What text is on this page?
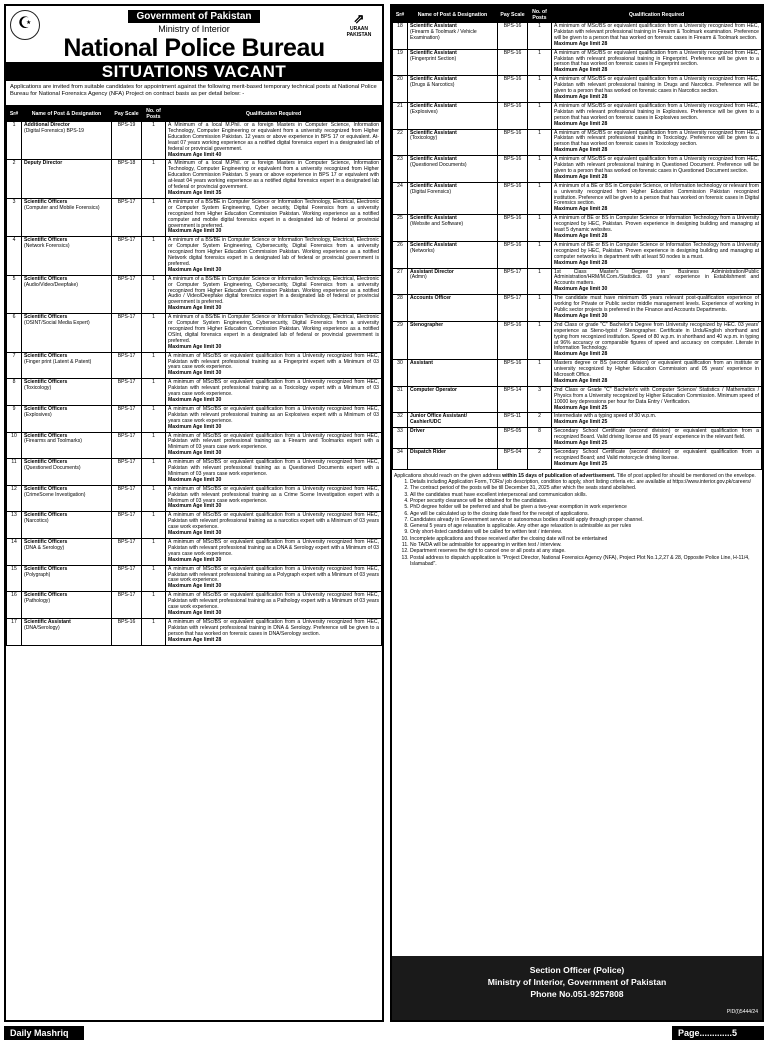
☪	⇗
URAAN PAKISTAN
Government of Pakistan
Ministry of Interior
National Police Bureau
SITUATIONS VACANT
Applications are invited from suitable candidates for appointment against the following merit-based temporary technical posts at National Police Bureau for National Forensics Agency (NFA) Project on contract basis as per detail below: -
Sr#	Name of Post & Designation	Pay Scale	No. of Posts	Qualification Required
1	Additional Director
(Digital Forensics) BPS-19	BPS-19	1	A Minimum of a local M.Phil. or a foreign Masters in Computer Science, Information Technology, Computer Engineering or equivalent from a university recognized from Higher Education Commission Pakistan. 12 years or above experience in BPS 17 or equivalent. At-least 07 years working experience as a notified digital forensics expert in a designated lab of federal or provincial government.
Maximum Age limit 40
2	Deputy Director	BPS-18	1	A Minimum of a local M.Phil. or a foreign Masters in Computer Science, Information Technology, Computer Engineering or equivalent from a university recognized from Higher Education Commission Pakistan. 5 years or above experience in BPS 17 or equivalent with at-least 04 years working experience as a notified digital forensics expert in a designated lab of federal or provincial government.
Maximum Age limit 35
3	Scientific Officers
(Computer and Mobile Forensics)	BPS-17	1	A minimum of a BS/BE in Computer Science or Information Technology, Electrical, Electronic or Computer System Engineering, Cyber security, Digital Forensics from a university recognized from Higher Education Commission Pakistan. Working experience as a notified computer and mobile digital forensics expert in a designated lab of federal or provincial government is preferred.
Maximum Age limit 30
4	Scientific Officers
(Network Forensics)	BPS-17	1	A minimum of a BS/BE in Computer Science or Information Technology, Electrical, Electronic or Computer System Engineering, Cybersecurity, Digital Forensics from a university recognized from Higher Education Commission Pakistan. Working experience as a notified Network digital forensics expert in a designated lab of federal or provincial government is preferred.
Maximum Age limit 30
5	Scientific Officers
(Audio/Video/Deepfake)	BPS-17	1	A minimum of a BS/BE in Computer Science or Information Technology, Electrical, Electronic or Computer System Engineering, Cybersecurity, Digital Forensics from a university recognized from Higher Education Commission Pakistan. Working experience as a notified Audio / Video/Deepfake digital forensics expert in a designated lab of federal or provincial government is preferred.
Maximum Age limit 30
6	Scientific Officers
(OSINT/Social Media Expert)	BPS-17	1	A minimum of a BS/BE in Computer Science or Information Technology, Electrical, Electronic or Computer System Engineering, Cybersecurity, Digital Forensics from a university recognized from Higher Education Commission Pakistan. Working experience as a notified OSInt, digital forensics expert in a designated lab of federal or provincial government is preferred.
Maximum Age limit 30
7	Scientific Officers
(Finger print (Latent & Patent)	BPS-17	1	A minimum of MSc/BS or equivalent qualification from a University recognized from HEC, Pakistan with relevant professional training as a Fingerprint expert with a Minimum of 03 years case work experience.
Maximum Age limit 30
8	Scientific Officers
(Toxicology)	BPS-17	1	A minimum of MSc/BS or equivalent qualification from a University recognized from HEC, Pakistan with relevant professional training as a Toxicology expert with a Minimum of 03 years case work experience.
Maximum Age limit 30
9	Scientific Officers
(Explosives)	BPS-17	1	A minimum of MSc/BS or equivalent qualification from a University recognized from HEC, Pakistan with relevant professional training as an Explosives expert with a Minimum of 03 years case work experience.
Maximum Age limit 30
10	Scientific Officers
(Firearms and Toolmarks)	BPS-17	1	A minimum of MSc/BS or equivalent qualification from a University recognized from HEC, Pakistan with relevant professional training as a Firearm and Toolmarks expert with a Minimum of 03 years case work experience.
Maximum Age limit 30
11	Scientific Officers
(Questioned Documents)	BPS-17	1	A minimum of MSc/BS or equivalent qualification from a University recognized from HEC, Pakistan with relevant professional training as a Questioned Documents expert with a Minimum of 03 years case work experience.
Maximum Age limit 30
12	Scientific Officers
(CrimeScene Investigation)	BPS-17	1	A minimum of MSc/BS or equivalent qualification from a University recognized from HEC, Pakistan with relevant professional training as a Crime Scene Investigation expert with a Minimum of 03 years case work experience.
Maximum Age limit 30
13	Scientific Officers
(Narcotics)	BPS-17	1	A minimum of MSc/BS or equivalent qualification from a University recognized from HEC, Pakistan with relevant professional training as a narcotics expert with a Minimum of 03 years case work experience.
Maximum Age limit 30
14	Scientific Officers
(DNA & Serology)	BPS-17	1	A minimum of MSc/BS or equivalent qualification from a University recognized from HEC, Pakistan with relevant professional training as a DNA & Serology expert with a Minimum of 03 years case work experience.
Maximum Age limit 30
15	Scientific Officers
(Polygraph)	BPS-17	1	A minimum of MSc/BS or equivalent qualification from a University recognized from HEC, Pakistan with relevant professional training as a Polygraph expert with a Minimum of 03 years case work experience.
Maximum Age limit 30
16	Scientific Officers
(Pathology)	BPS-17	1	A minimum of MSc/BS or equivalent qualification from a University recognized from HEC, Pakistan with relevant professional training as a Pathology expert with a Minimum of 03 years case work experience.
Maximum Age limit 30
17	Scientific Assistant
(DNA/Serology)	BPS-16	1	A minimum of MSc/BS or equivalent qualification from a University recognized from HEC, Pakistan with relevant professional training in DNA & Serology. Preference will be given to a person that has worked on forensic cases in DNA/Serology section.
Maximum Age limit 28
Sr#	Name of Post & Designation	Pay Scale	No. of Posts	Qualification Required
18	Scientific Assistant
(Firearm & Toolmark / Vehicle Examination)	BPS-16	1	A minimum of MSc/BS or equivalent qualification from a University recognized from HEC, Pakistan with relevant professional training in Firearm & Toolmark examination. Preference will be given to a person that has worked on forensic cases in Firearm & Toolmark section.
Maximum Age limit 28
19	Scientific Assistant
(Fingerprint Section)	BPS-16	1	A minimum of MSc/BS or equivalent qualification from a University recognized from HEC, Pakistan with relevant professional training in Fingerprint. Preference will be given to a person that has worked on forensic cases in Fingerprint section.
Maximum Age limit 28
20	Scientific Assistant
(Drugs & Narcotics)	BPS-16	1	A minimum of MSc/BS or equivalent qualification from a University recognized from HEC, Pakistan with relevant professional training in Drugs and Narcotics. Preference will be given to a person that has worked on forensic cases in Narcotics section.
Maximum Age limit 28
21	Scientific Assistant
(Explosives)	BPS-16	1	A minimum of MSc/BS or equivalent qualification from a University recognized from HEC, Pakistan with relevant professional training in Explosives. Preference will be given to a person that has worked on forensic cases in Explosives section.
Maximum Age limit 28
22	Scientific Assistant
(Toxicology)	BPS-16	1	A minimum of MSc/BS or equivalent qualification from a University recognized from HEC, Pakistan with relevant professional training in Toxicology. Preference will be given to a person that has worked on forensic cases in Toxicology section.
Maximum Age limit 28
23	Scientific Assistant
(Questioned Documents)	BPS-16	1	A minimum of MSc/BS or equivalent qualification from a University recognized from HEC, Pakistan with relevant professional training in Questioned Document. Preference will be given to a person that has worked on forensic cases in Questioned Document section.
Maximum Age limit 28
24	Scientific Assistant
(Digital Forensics)	BPS-16	1	A minimum of a BE or BS in Computer Science, or Information technology or relevant from a university recognized from Higher Education Commission Pakistan recognized institution. Preference will be given to a person that has worked on forensic cases in Digital Forensics section.
Maximum Age limit 28
25	Scientific Assistant
(Website and Software)	BPS-16	1	A minimum of BE or BS in Computer Science or Information Technology from a University recognized by HEC, Pakistan. Proven experience in designing building and managing at least 5 dynamic websites.
Maximum Age limit 28
26	Scientific Assistant
(Networks)	BPS-16	1	A minimum of BE or BS in Computer Science or Information Technology from a University recognized by HEC, Pakistan. Proven experience in designing building and managing at computer networks in department with at least 50 nodes is a must.
Maximum Age limit 28
27	Assistant Director
(Admn)	BPS-17	1	1st Class Master's Degree in Business Administration/Public Administration/HRM/M.Com./Statistics. 03 years' experience in Establishment and Accounts matters.
Maximum Age limit 30
28	Accounts Officer	BPS-17	1	The candidate must have minimum 05 years relevant post-qualification experience of working for Private or Public sector middle management levels. Experience of working in Public sector projects is preferred in the Finance and Accounts Departments.
Maximum Age limit 30
29	Stenographer	BPS-16	1	2nd Class or grade "C" Bachelor's Degree from University recognized by HEC. 03 years' experience as Steno-typist / Stenographer. Certificate in Urdu/English shorthand and typing from recognized institution. Speed of 80 w.p.m. in shorthand and 40 w.p.m. in typing at 96% accuracy or comparable figures of speed and accuracy on computer. Literate in Information Technology.
Maximum Age limit 28
30	Assistant	BPS-16	1	Masters degree or BS (second division) or equivalent qualification from an institute or university recognized by Higher Education Commission and 05 years' experience in Microsoft Office.
Maximum Age limit 28
31	Computer Operator	BPS-14	3	2nd Class or Grade "C" Bachelor's with Computer Science/ Statistics / Mathematics / Physics from a University recognized by Higher Education Commission. Minimum speed of 10000 key depressions per hour for Data Entry / Verification.
Maximum Age limit 25
32	Junior Office Assistant/ Cashier/UDC	BPS-11	2	Intermediate with a typing speed of 30 w.p.m.
Maximum Age limit 25
33	Driver	BPS-05	8	Secondary School Certificate (second division) or equivalent qualification from a recognized Board. Valid driving license and 05 years' experience in the relevant field.
Maximum Age limit 25
34	Dispatch Rider	BPS-04	2	Secondary School Certificate (second division) or equivalent qualification from a recognized Board; and Valid motorcycle driving license.
Maximum Age limit 25
Applications should reach on the given address within 15 days of publication of advertisement. Title of post applied for should be mentioned on the envelope.
1. Details including Application Form, TORs/ job description, condition to apply, short listing criteria etc. are available at https://www.interior.gov.pk/careers/
2. The contract period of the posts will be till December 31, 2025 after which the seats stand abolished.
3. All the candidates must have excellent interpersonal and communication skills.
4. Proper security clearance will be obtained for the candidates.
5. PhD degree holder will be preferred and shall be given a two-year exemption in work experience
6. Age will be calculated up to the closing date fixed for the receipt of applications.
7. Candidates already in Government service or autonomous bodies should apply through proper channel.
8. General 5 years of age relaxation is applicable. Any other age relaxation is admissible as per rules
9. Only short-listed candidates will be called for written test / interview.
10. Incomplete applications and those received after the closing date will not be entertained
11. No TA/DA will be admissible for appearing in written test / interview.
12. Department reserves the right to cancel one or all posts at any stage.
13. Postal address to dispatch application is "Project Director, National Forensics Agency (NFA), Project Plot No.1,2,27 & 28, Opposite Police Line, H-11/4, Islamabad".
Section Officer (Police)
Ministry of Interior, Government of Pakistan
Phone No.051-9257808
PID(I)5444/24
Daily Mashriq	Page.............5
